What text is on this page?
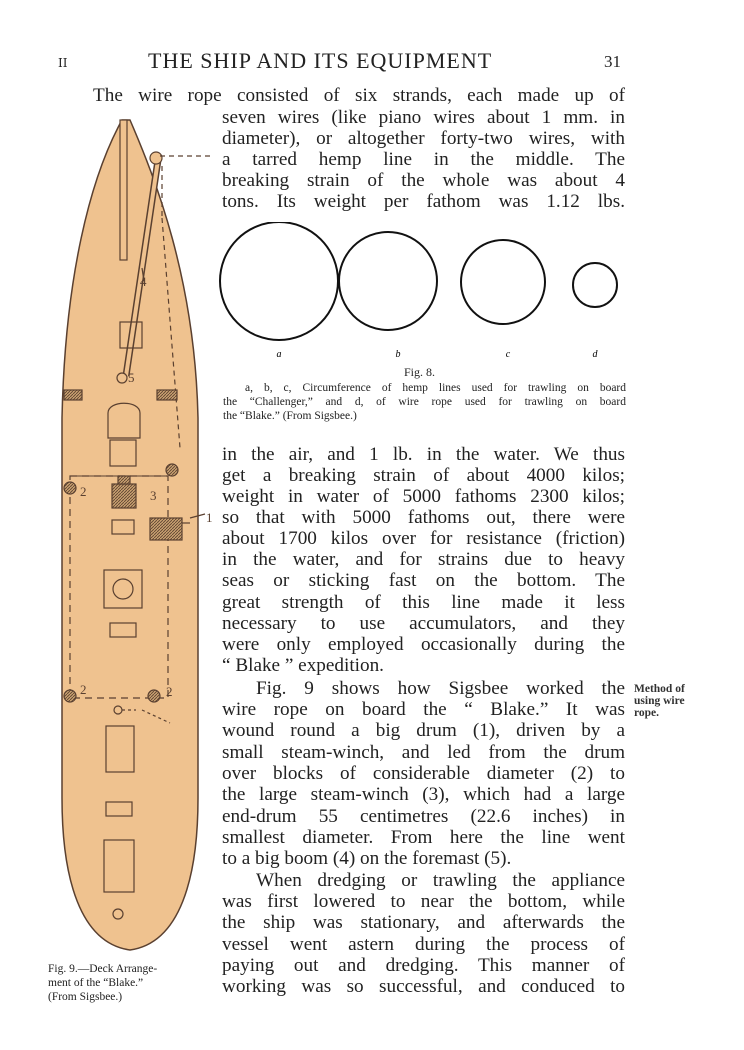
II	THE SHIP AND ITS EQUIPMENT	31
The wire rope consisted of six strands, each made up of
seven wires (like piano wires about 1 mm. in
diameter), or altogether forty-two wires, with
a tarred hemp line in the middle. The
breaking strain of the whole was about 4
tons. Its weight per fathom was 1.12 lbs.
a	b	c	d
Fig. 8.
a, b, c, Circumference of hemp lines used for trawling on board
the “Challenger,” and d, of wire rope used for trawling on board
the “Blake.” (From Sigsbee.)
in the air, and 1 lb. in the water. We thus
get a breaking strain of about 4000 kilos;
weight in water of 5000 fathoms 2300 kilos;
so that with 5000 fathoms out, there were
about 1700 kilos over for resistance (friction)
in the water, and for strains due to heavy
seas or sticking fast on the bottom. The
great strength of this line made it less
necessary to use accumulators, and they
were only employed occasionally during the
“ Blake ” expedition.
Fig. 9 shows how Sigsbee worked the
wire rope on board the “ Blake.” It was
wound round a big drum (1), driven by a
small steam-winch, and led from the drum
over blocks of considerable diameter (2) to
the large steam-winch (3), which had a large
end-drum 55 centimetres (22.6 inches) in
smallest diameter. From here the line went
to a big boom (4) on the foremast (5).
When dredging or trawling the appliance
was first lowered to near the bottom, while
the ship was stationary, and afterwards the
vessel went astern during the process of
paying out and dredging. This manner of
working was so successful, and conduced to
Method of
using wire
rope.
4
5
2	3
1
2	2
Fig. 9.—Deck Arrange-
ment of the “Blake.”
(From Sigsbee.)
